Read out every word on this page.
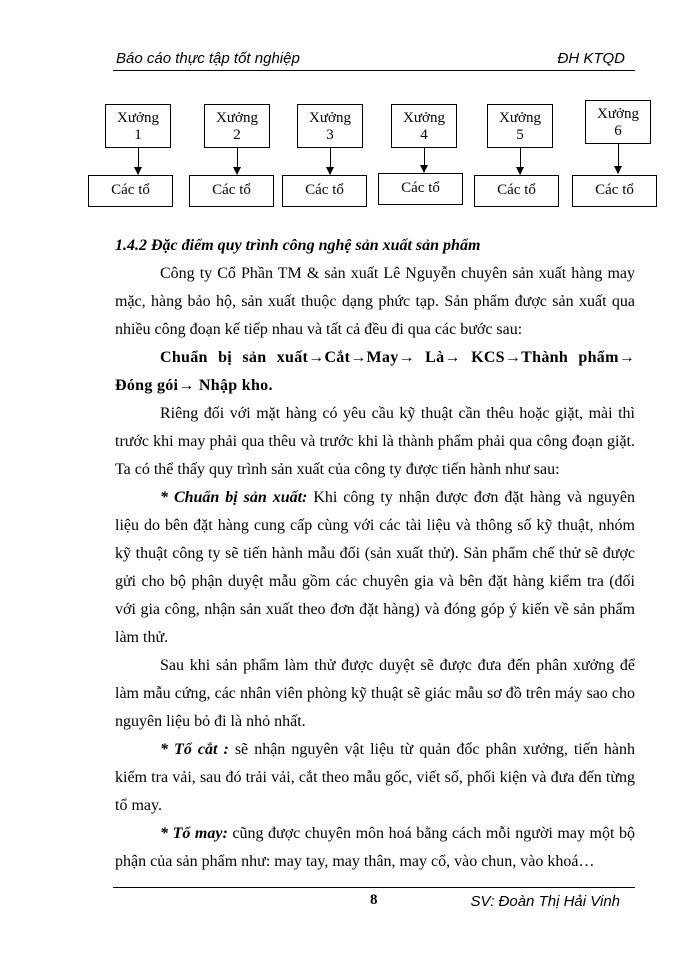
Báo cáo thực tập tốt nghiệp	ĐH KTQD
Xưởng
1
Xưởng
2
Xưởng
3
Xưởng
4
Xưởng
5
Xưởng
6
Các tổ	Các tổ	Các tổ	Các tổ	Các tổ	Các tổ
1.4.2 Đặc điểm quy trình công nghệ sản xuất sản phẩm

Công ty Cổ Phần TM & sản xuất Lê Nguyễn chuyên sản xuất hàng may mặc, hàng bảo hộ, sản xuất thuộc dạng phức tạp. Sản phẩm được sản xuất qua nhiều công đoạn kế tiếp nhau và tất cả đều đi qua các bước sau:

Chuẩn bị sản xuất→Cắt→May→ Là→ KCS→Thành phẩm→ Đóng gói→ Nhập kho.

Riêng đối với mặt hàng có yêu cầu kỹ thuật cần thêu hoặc giặt, mài thì trước khi may phải qua thêu và trước khi là thành phẩm phải qua công đoạn giặt. Ta có thể thấy quy trình sản xuất của công ty được tiến hành như sau:

* Chuẩn bị sản xuất: Khi công ty nhận được đơn đặt hàng và nguyên liệu do bên đặt hàng cung cấp cùng với các tài liệu và thông số kỹ thuật, nhóm kỹ thuật công ty sẽ tiến hành mẫu đối (sản xuất thử). Sản phẩm chế thử sẽ được gửi cho bộ phận duyệt mẫu gồm các chuyên gia và bên đặt hàng kiểm tra (đối với gia công, nhận sản xuất theo đơn đặt hàng) và đóng góp ý kiến về sản phẩm làm thử.

Sau khi sản phẩm làm thử được duyệt sẽ được đưa đến phân xưởng để làm mẫu cứng, các nhân viên phòng kỹ thuật sẽ giác mẫu sơ đồ trên máy sao cho nguyên liệu bỏ đi là nhỏ nhất.

* Tổ cắt : sẽ nhận nguyên vật liệu từ quản đốc phân xưởng, tiến hành kiểm tra vải, sau đó trải vải, cắt theo mẫu gốc, viết số, phối kiện và đưa đến từng tổ may.

* Tổ may: cũng được chuyên môn hoá bằng cách mỗi người may một bộ phận của sản phẩm như: may tay, may thân, may cổ, vào chun, vào khoá…

8	SV: Đoàn Thị Hải Vinh
